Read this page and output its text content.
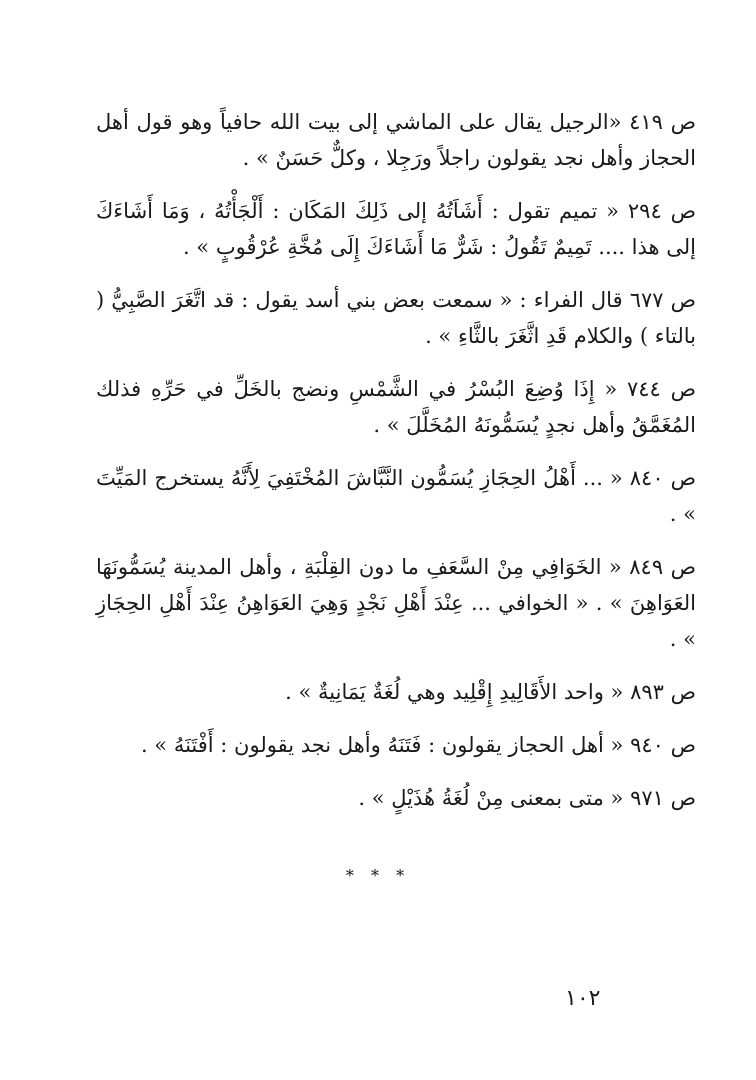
ص ٤١٩ «الرجيل يقال على الماشي إلى بيت الله حافياً وهو قول أهل الحجاز وأهل نجد يقولون راجلاً ورَجِلا ، وكلٌّ حَسَنٌ » .

ص ٢٩٤ « تميم تقول : أَشَاَتُهُ إلى ذَلِكَ المَكَان : أَلْجَأْتُهُ ، وَمَا أَشَاءَكَ إلى هذا .... تَمِيمٌ تَقُولُ : شَرٌّ مَا أَشَاءَكَ إِلَى مُخَّةِ عُرْقُوبٍ » .

ص ٦٧٧ قال الفراء : « سمعت بعض بني أسد يقول : قد اتَّغَرَ الصَّبِيُّ ( بالتاء ) والكلام قَدِ اثَّغَرَ بالثَّاءِ » .

ص ٧٤٤ « إِذَا وُضِعَ البُسْرُ في الشَّمْسِ ونضج بالخَلِّ في حَرِّهِ فذلك المُغَمَّقُ وأهل نجدٍ يُسَمُّونَهُ المُخَلَّلَ » .

ص ٨٤٠ « ... أَهْلُ الحِجَازِ يُسَمُّون النَّبَّاشَ المُخْتَفِيَ لِأَنَّهُ يستخرج المَيِّتَ » .

ص ٨٤٩ « الخَوَافِي مِنْ السَّعَفِ ما دون القِلْبَةِ ، وأهل المدينة يُسَمُّونَهَا العَوَاهِنَ » . « الخوافي ... عِنْدَ أَهْلِ نَجْدٍ وَهِيَ العَوَاهِنُ عِنْدَ أَهْلِ الحِجَازِ » .

ص ٨٩٣ « واحد الأَقَالِيدِ إِقْلِيد وهي لُغَةٌ يَمَانِيةٌ » .

ص ٩٤٠ « أهل الحجاز يقولون : فَتَنَهُ وأهل نجد يقولون : أَفْتَنَهُ » .

ص ٩٧١ « متى بمعنى مِنْ لُغَةُ هُذَيْلٍ » .

* * *
١٠٢
